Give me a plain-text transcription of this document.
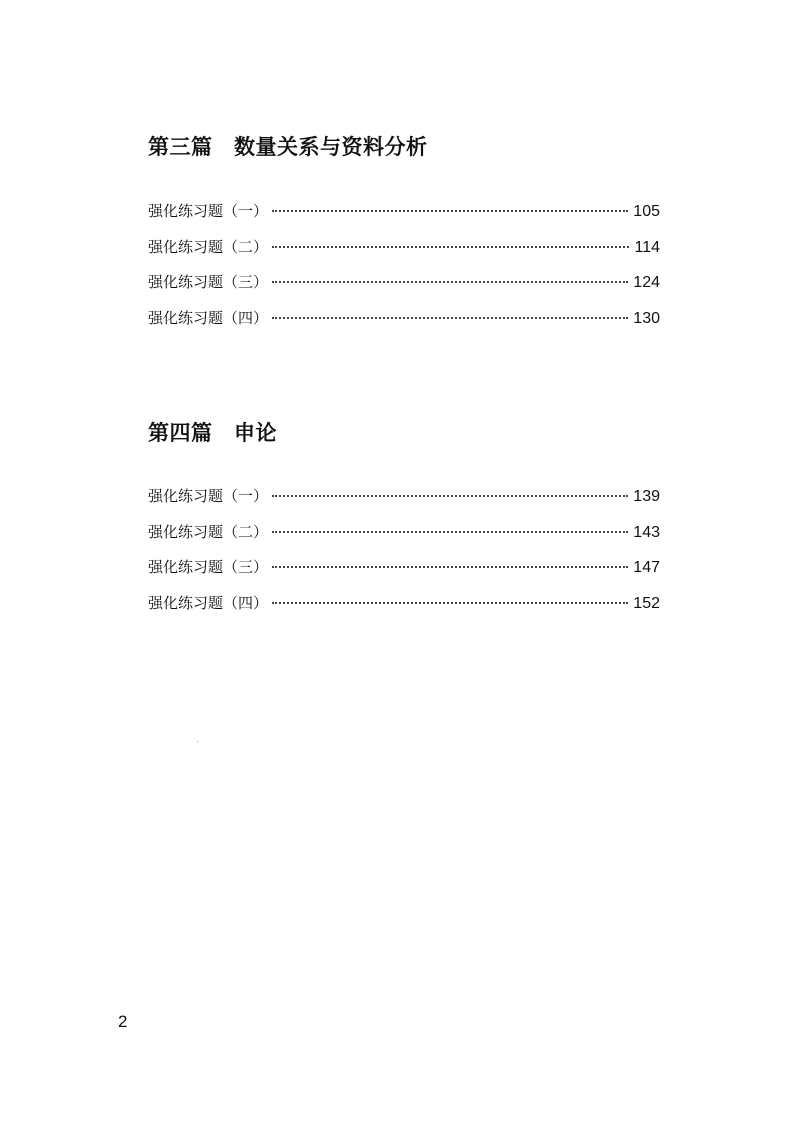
第三篇　数量关系与资料分析
强化练习题（一）	105
强化练习题（二）	114
强化练习题（三）	124
强化练习题（四）	130
第四篇　申论
强化练习题（一）	139
强化练习题（二）	143
强化练习题（三）	147
强化练习题（四）	152
2
